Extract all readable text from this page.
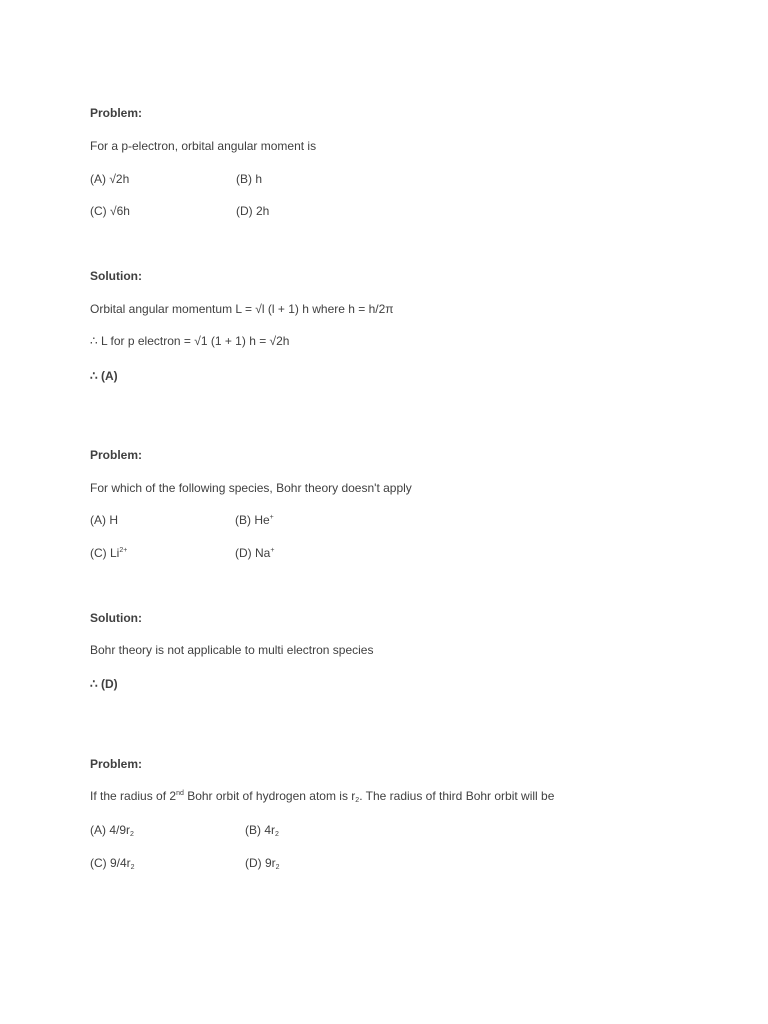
Problem:
For a p-electron, orbital angular moment is
(A) √2h	(B) h
(C) √6h	(D) 2h
Solution:
Orbital angular momentum L = √l (l + 1) h where h = h/2π
∴ L for p electron = √1 (1 + 1) h = √2h
∴ (A)
Problem:
For which of the following species, Bohr theory doesn't apply
(A) H	(B) He+
(C) $Li^{2+}$	(D) Na+
Solution:
Bohr theory is not applicable to multi electron species
∴ (D)
Problem:
If the radius of 2nd Bohr orbit of hydrogen atom is $r_2$. The radius of third Bohr orbit will be
(A) $4/9r_2$	(B) $4r_2$
(C) $9/4r_2$	(D) $9r_2$
